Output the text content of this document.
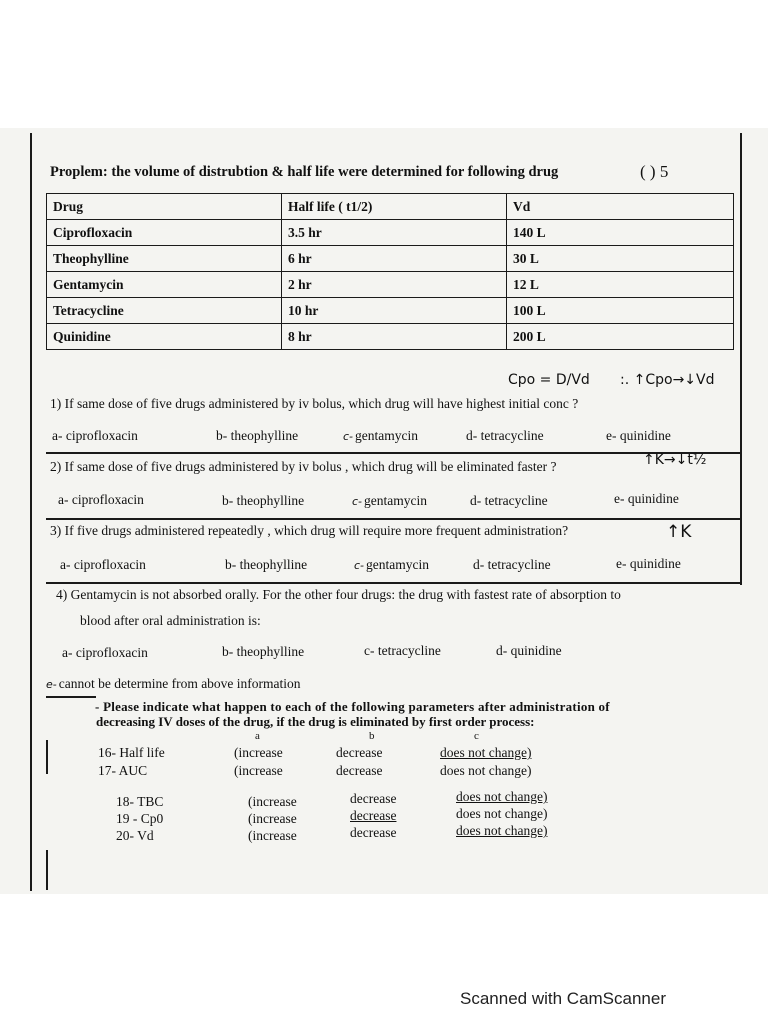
Proplem: the volume of distrubtion & half life were determined for following drug	( ) 5
Drug	Half life ( t1/2)	Vd
Ciprofloxacin	3.5 hr	140 L
Theophylline	6 hr	30 L
Gentamycin	2 hr	12 L
Tetracycline	10 hr	100 L
Quinidine	8 hr	200 L
Cpo = D/Vd :. ↑Cpo→↓Vd
1) If same dose of five drugs administered by iv bolus, which drug will have highest initial conc ?
a- ciprofloxacin	b- theophylline	c- gentamycin	d- tetracycline	e- quinidine
2) If same dose of five drugs administered by iv bolus , which drug will be eliminated faster ?	↑K→↓t½
a- ciprofloxacin	b- theophylline	c- gentamycin	d- tetracycline	e- quinidine
3) If five drugs administered repeatedly , which drug will require more frequent administration?	↑K
a- ciprofloxacin	b- theophylline	c- gentamycin	d- tetracycline	e- quinidine
4) Gentamycin is not absorbed orally. For the other four drugs: the drug with fastest rate of absorption to
blood after oral administration is:
a- ciprofloxacin	b- theophylline	c- tetracycline	d- quinidine
e- cannot be determine from above information
- Please indicate what happen to each of the following parameters after administration of
decreasing IV doses of the drug, if the drug is eliminated by first order process:
a	b	c
16- Half life	(increase	decrease	does not change)
17- AUC	(increase	decrease	does not change)
18- TBC	(increase	decrease	does not change)
19 - Cp0	(increase	decrease	does not change)
20- Vd	(increase	decrease	does not change)
Scanned with CamScanner
